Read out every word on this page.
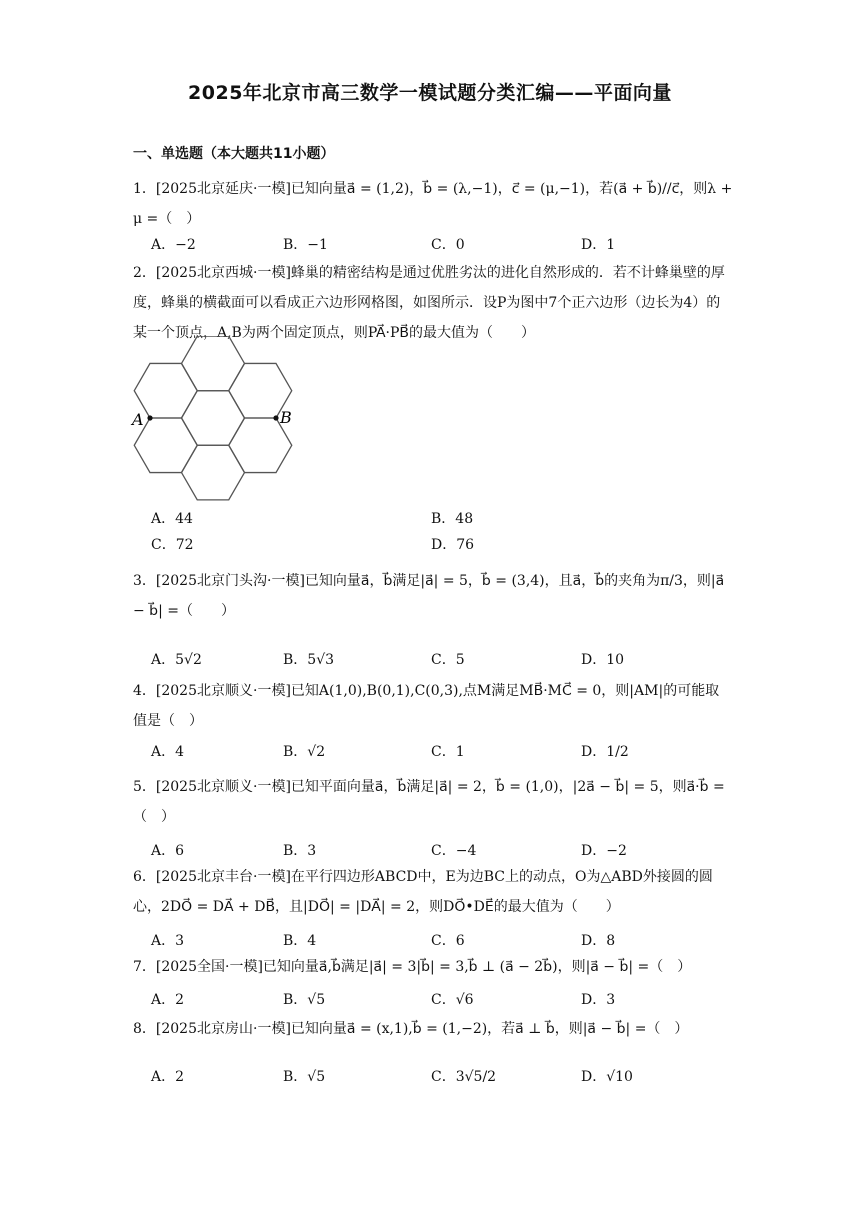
2025年北京市高三数学一模试题分类汇编——平面向量
一、单选题（本大题共11小题）
1．[2025北京延庆·一模]已知向量a⃗ = (1,2)，b⃗ = (λ,−1)，c⃗ = (μ,−1)，若(a⃗ + b⃗)//c⃗，则λ + μ =（　）
A．−2	B．−1	C．0	D．1
2．[2025北京西城·一模]蜂巢的精密结构是通过优胜劣汰的进化自然形成的．若不计蜂巢壁的厚度，蜂巢的横截面可以看成正六边形网格图，如图所示．设P为图中7个正六边形（边长为4）的某一个顶点，A,B为两个固定顶点，则PA⃗·PB⃗的最大值为（　　）
A	B
A．44	B．48
C．72	D．76
3．[2025北京门头沟·一模]已知向量a⃗，b⃗满足|a⃗| = 5，b⃗ = (3,4)，且a⃗，b⃗的夹角为π/3，则|a⃗ − b⃗| =（　　）
A．5√2	B．5√3	C．5	D．10
4．[2025北京顺义·一模]已知A(1,0),B(0,1),C(0,3),点M满足MB⃗·MC⃗ = 0，则|AM|的可能取值是（　）
A．4	B．√2	C．1	D．1/2
5．[2025北京顺义·一模]已知平面向量a⃗，b⃗满足|a⃗| = 2，b⃗ = (1,0)，|2a⃗ − b⃗| = 5，则a⃗·b⃗ =（　）
A．6	B．3	C．−4	D．−2
6．[2025北京丰台·一模]在平行四边形ABCD中，E为边BC上的动点，O为△ABD外接圆的圆心，2DO⃗ = DA⃗ + DB⃗，且|DO⃗| = |DA⃗| = 2，则DO⃗•DE⃗的最大值为（　　）
A．3	B．4	C．6	D．8
7．[2025全国·一模]已知向量a⃗,b⃗满足|a⃗| = 3|b⃗| = 3,b⃗ ⊥ (a⃗ − 2b⃗)，则|a⃗ − b⃗| =（　）
A．2	B．√5	C．√6	D．3
8．[2025北京房山·一模]已知向量a⃗ = (x,1),b⃗ = (1,−2)，若a⃗ ⊥ b⃗，则|a⃗ − b⃗| =（　）
A．2	B．√5	C．3√5/2	D．√10
